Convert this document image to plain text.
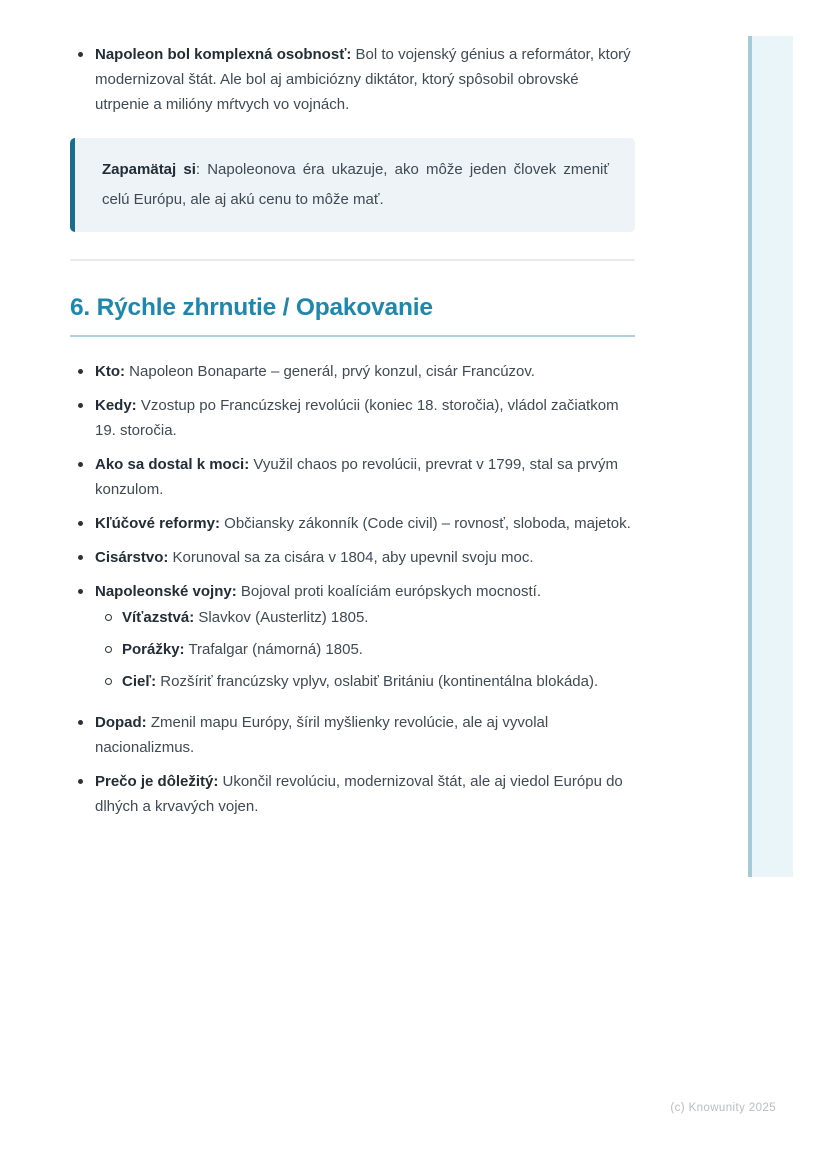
Napoleon bol komplexná osobnosť: Bol to vojenský génius a reformátor, ktorý modernizoval štát. Ale bol aj ambiciózny diktátor, ktorý spôsobil obrovské utrpenie a milióny mŕtvych vo vojnách.
Zapamätaj si: Napoleonova éra ukazuje, ako môže jeden človek zmeniť celú Európu, ale aj akú cenu to môže mať.
6. Rýchle zhrnutie / Opakovanie
Kto: Napoleon Bonaparte – generál, prvý konzul, cisár Francúzov.
Kedy: Vzostup po Francúzskej revolúcii (koniec 18. storočia), vládol začiatkom 19. storočia.
Ako sa dostal k moci: Využil chaos po revolúcii, prevrat v 1799, stal sa prvým konzulom.
Kľúčové reformy: Občiansky zákonník (Code civil) – rovnosť, sloboda, majetok.
Cisárstvo: Korunoval sa za cisára v 1804, aby upevnil svoju moc.
Napoleonské vojny: Bojoval proti koalíciám európskych mocností.
Víťazstvá: Slavkov (Austerlitz) 1805.
Porážky: Trafalgar (námorná) 1805.
Cieľ: Rozšíriť francúzsky vplyv, oslabiť Britániu (kontinentálna blokáda).
Dopad: Zmenil mapu Európy, šíril myšlienky revolúcie, ale aj vyvolal nacionalizmus.
Prečo je dôležitý: Ukončil revolúciu, modernizoval štát, ale aj viedol Európu do dlhých a krvavých vojen.
(c) Knowunity 2025
